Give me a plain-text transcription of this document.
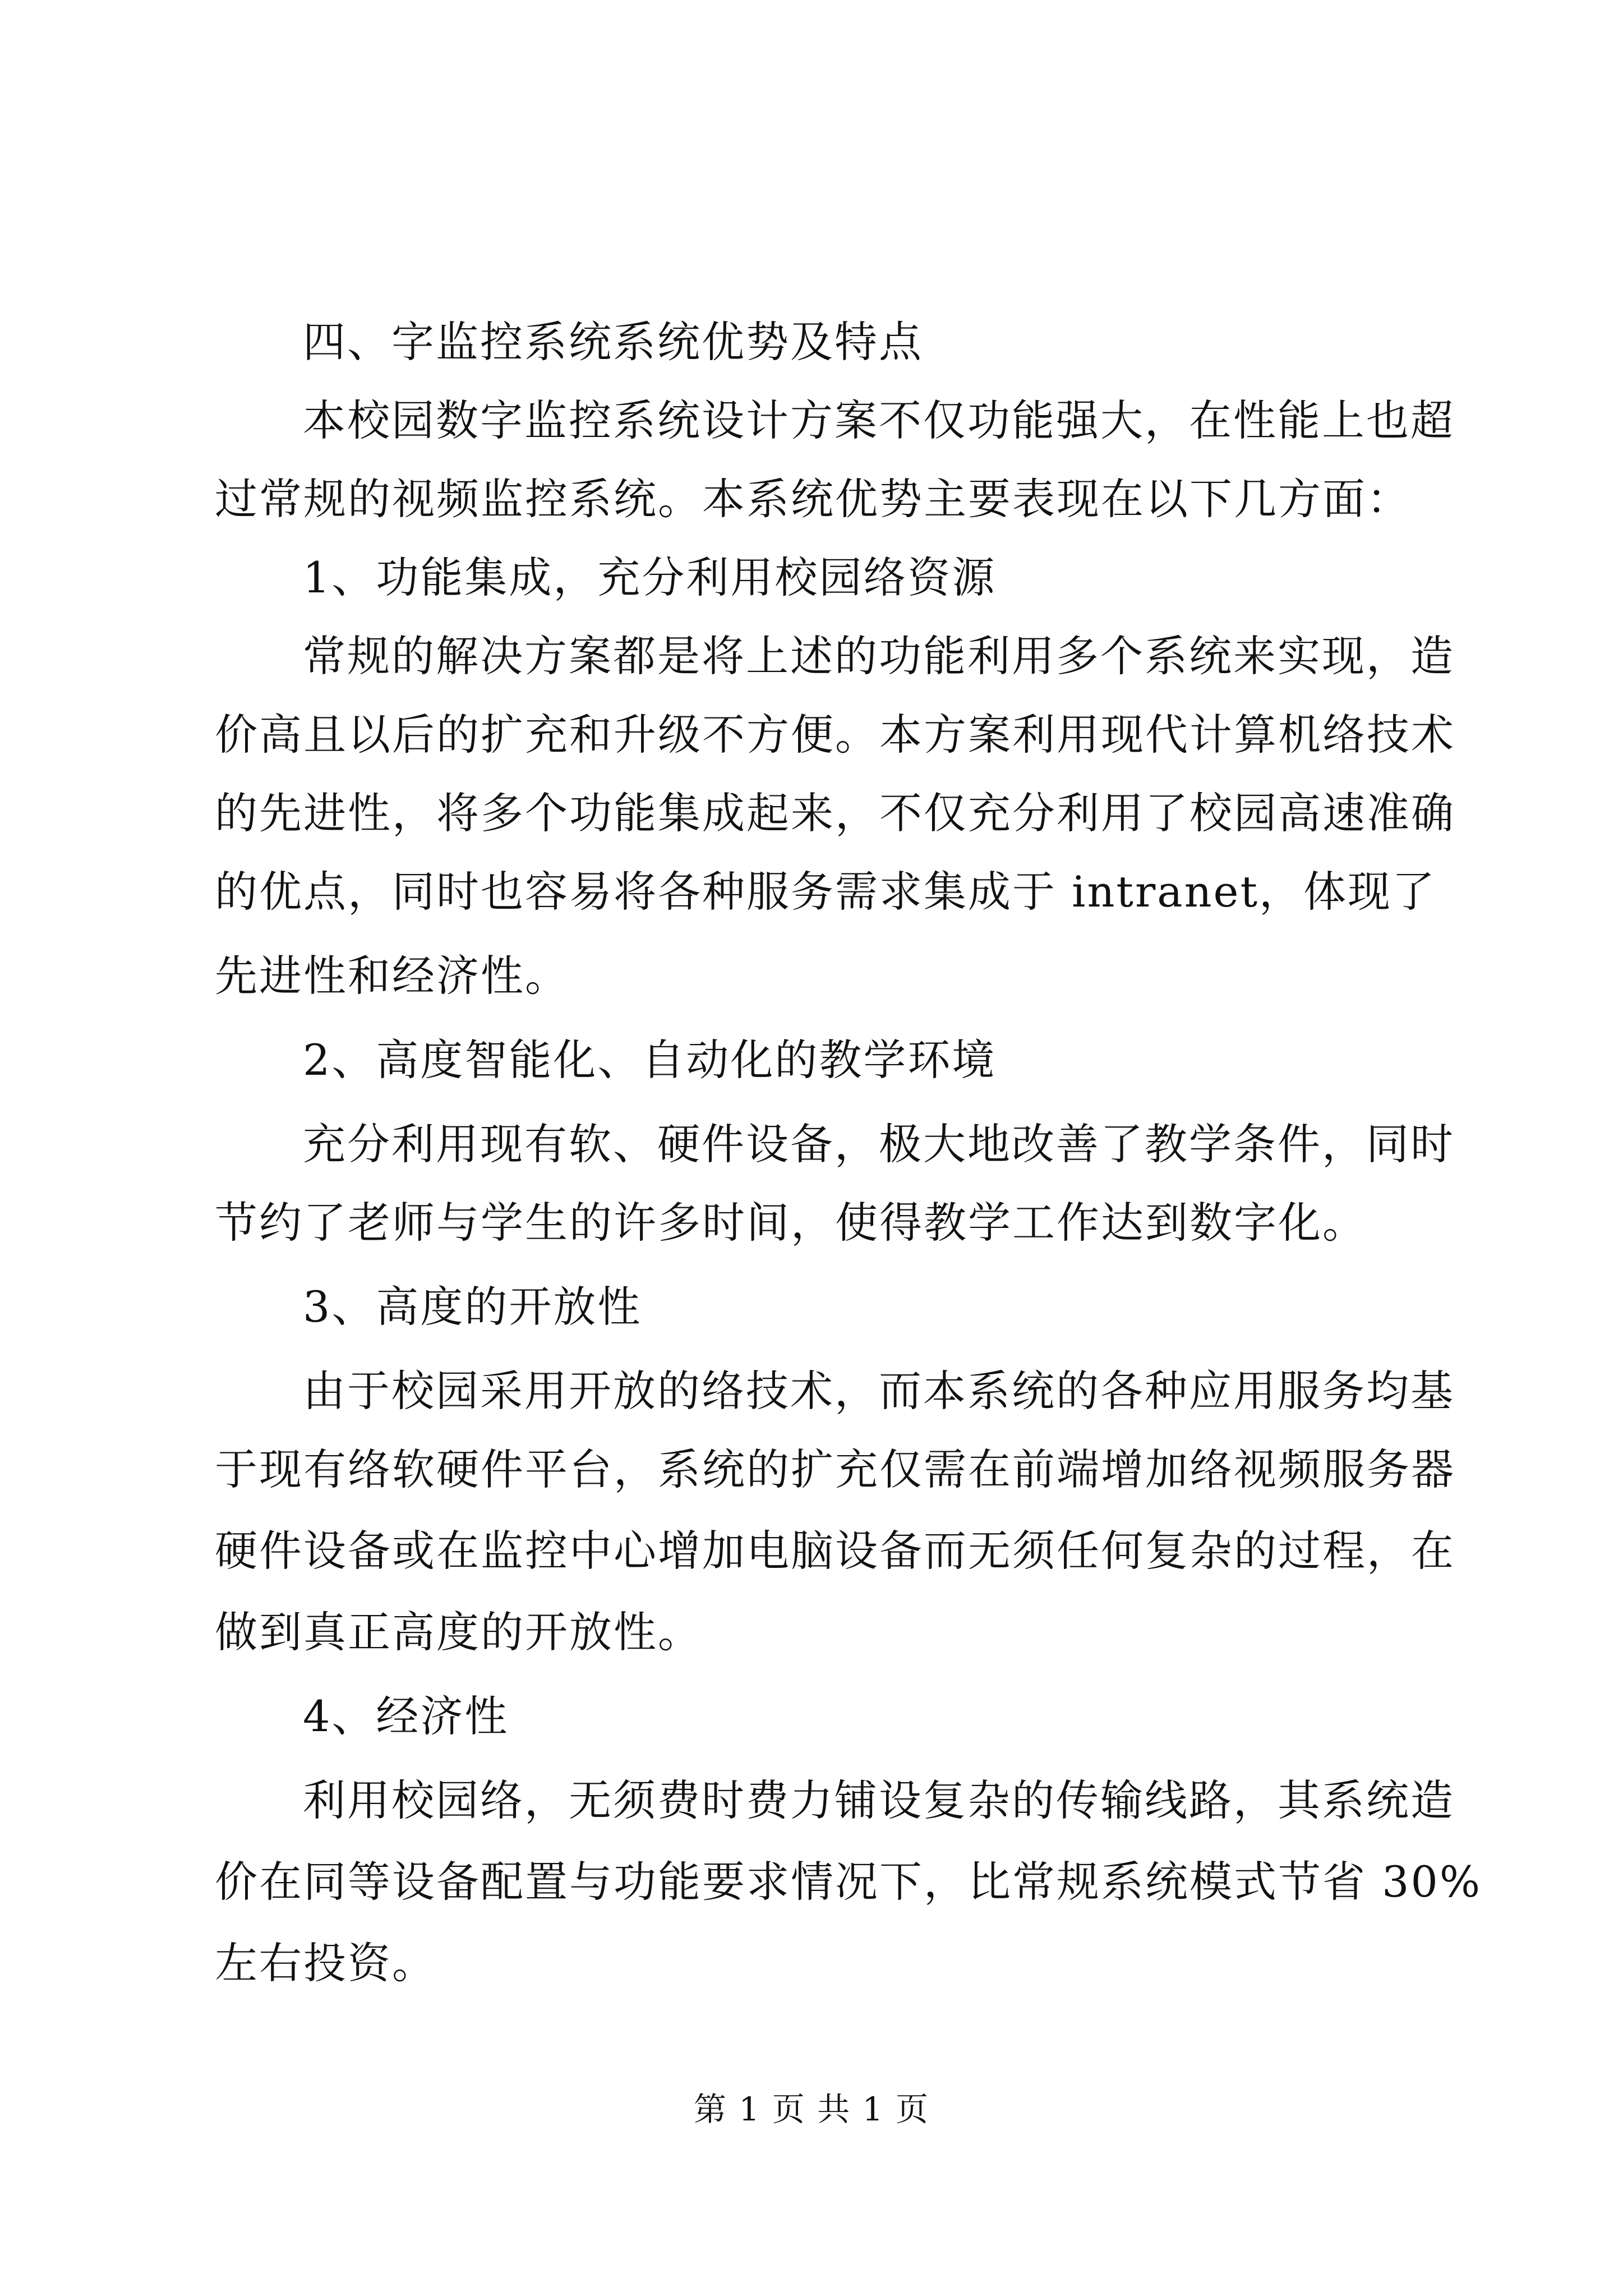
四、字监控系统系统优势及特点
本校园数字监控系统设计方案不仅功能强大，在性能上也超
过常规的视频监控系统。本系统优势主要表现在以下几方面：
1、功能集成，充分利用校园络资源
常规的解决方案都是将上述的功能利用多个系统来实现，造
价高且以后的扩充和升级不方便。本方案利用现代计算机络技术
的先进性，将多个功能集成起来，不仅充分利用了校园高速准确
的优点，同时也容易将各种服务需求集成于 intranet，体现了
先进性和经济性。
2、高度智能化、自动化的教学环境
充分利用现有软、硬件设备，极大地改善了教学条件，同时
节约了老师与学生的许多时间，使得教学工作达到数字化。
3、高度的开放性
由于校园采用开放的络技术，而本系统的各种应用服务均基
于现有络软硬件平台，系统的扩充仅需在前端增加络视频服务器
硬件设备或在监控中心增加电脑设备而无须任何复杂的过程，在
做到真正高度的开放性。
4、经济性
利用校园络，无须费时费力铺设复杂的传输线路，其系统造
价在同等设备配置与功能要求情况下，比常规系统模式节省 30%
左右投资。
第 1 页 共 1 页
